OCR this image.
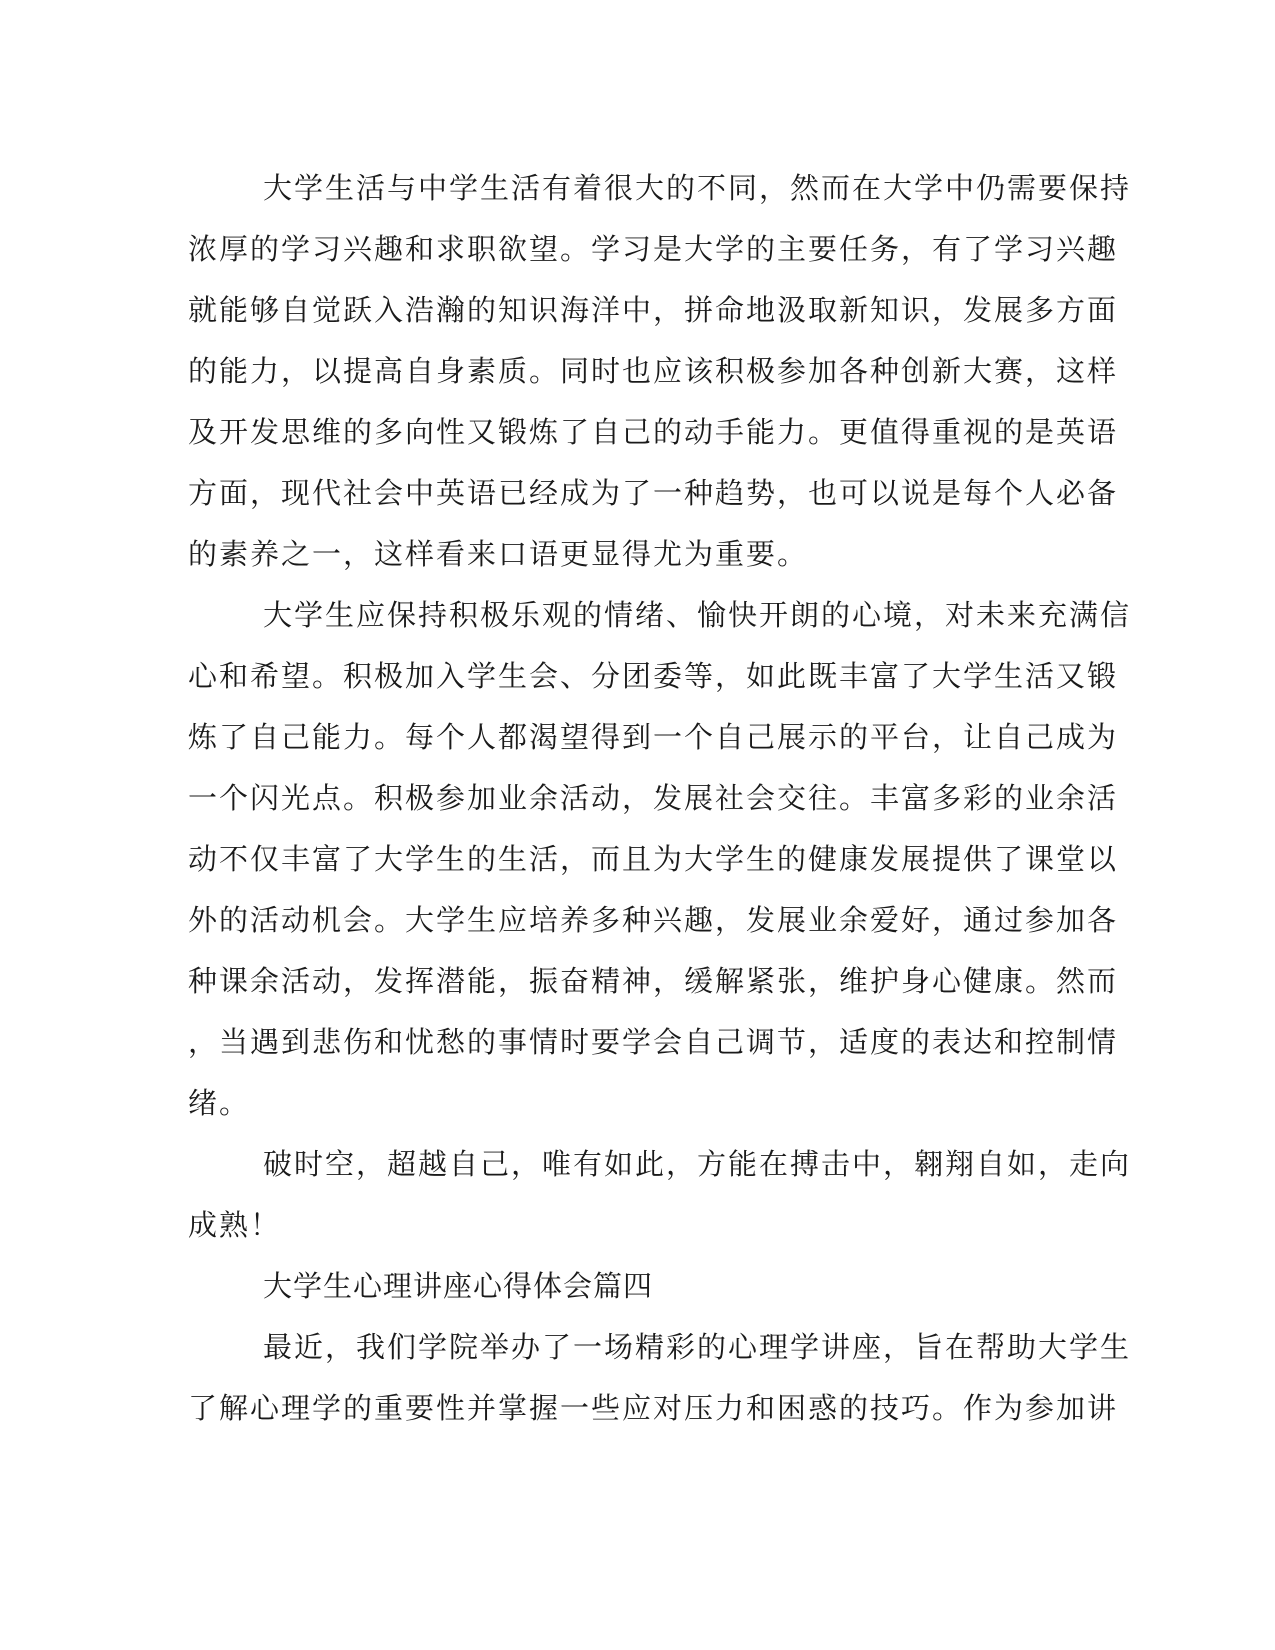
大学生活与中学生活有着很大的不同，然而在大学中仍需要保持
浓厚的学习兴趣和求职欲望。学习是大学的主要任务，有了学习兴趣
就能够自觉跃入浩瀚的知识海洋中，拼命地汲取新知识，发展多方面
的能力，以提高自身素质。同时也应该积极参加各种创新大赛，这样
及开发思维的多向性又锻炼了自己的动手能力。更值得重视的是英语
方面，现代社会中英语已经成为了一种趋势，也可以说是每个人必备
的素养之一，这样看来口语更显得尤为重要。

大学生应保持积极乐观的情绪、愉快开朗的心境，对未来充满信
心和希望。积极加入学生会、分团委等，如此既丰富了大学生活又锻
炼了自己能力。每个人都渴望得到一个自己展示的平台，让自己成为
一个闪光点。积极参加业余活动，发展社会交往。丰富多彩的业余活
动不仅丰富了大学生的生活，而且为大学生的健康发展提供了课堂以
外的活动机会。大学生应培养多种兴趣，发展业余爱好，通过参加各
种课余活动，发挥潜能，振奋精神，缓解紧张，维护身心健康。然而
，当遇到悲伤和忧愁的事情时要学会自己调节，适度的表达和控制情
绪。

破时空，超越自己，唯有如此，方能在搏击中，翱翔自如，走向
成熟！

大学生心理讲座心得体会篇四

最近，我们学院举办了一场精彩的心理学讲座，旨在帮助大学生
了解心理学的重要性并掌握一些应对压力和困惑的技巧。作为参加讲
